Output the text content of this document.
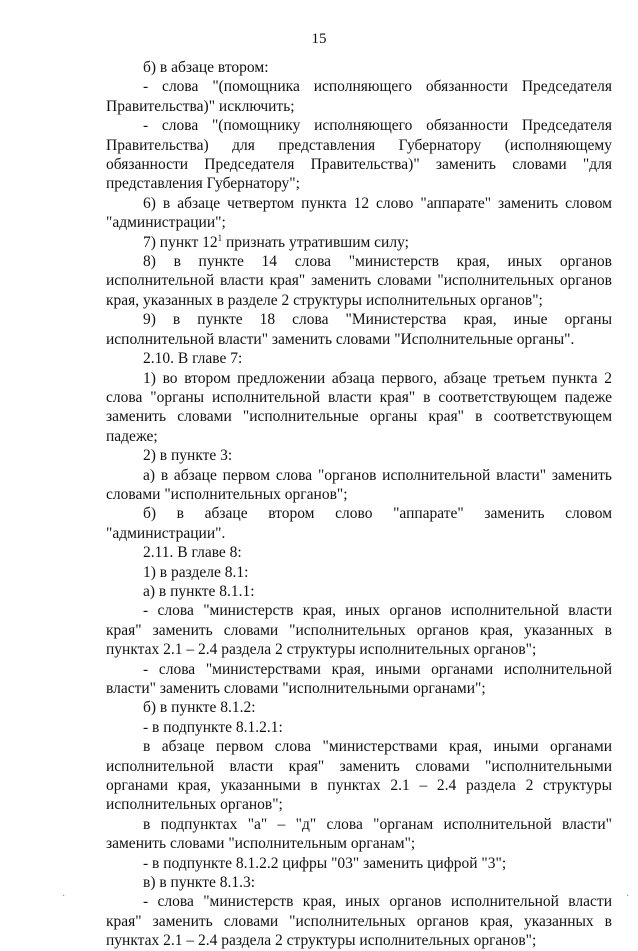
15

б) в абзаце втором:

- слова "(помощника исполняющего обязанности Председателя Правительства)" исключить;

- слова "(помощнику исполняющего обязанности Председателя Правительства) для представления Губернатору (исполняющему обязанности Председателя Правительства)" заменить словами "для представления Губернатору";

6) в абзаце четвертом пункта 12 слово "аппарате" заменить словом "администрации";

7) пункт $12^1$ признать утратившим силу;

8) в пункте 14 слова "министерств края, иных органов исполнительной власти края" заменить словами "исполнительных органов края, указанных в разделе 2 структуры исполнительных органов";

9) в пункте 18 слова "Министерства края, иные органы исполнительной власти" заменить словами "Исполнительные органы".

2.10. В главе 7:

1) во втором предложении абзаца первого, абзаце третьем пункта 2 слова "органы исполнительной власти края" в соответствующем падеже заменить словами "исполнительные органы края" в соответствующем падеже;

2) в пункте 3:

а) в абзаце первом слова "органов исполнительной власти" заменить словами "исполнительных органов";

б) в абзаце втором слово "аппарате" заменить словом "администрации".

2.11. В главе 8:

1) в разделе 8.1:

а) в пункте 8.1.1:

- слова "министерств края, иных органов исполнительной власти края" заменить словами "исполнительных органов края, указанных в пунктах 2.1 – 2.4 раздела 2 структуры исполнительных органов";

- слова "министерствами края, иными органами исполнительной власти" заменить словами "исполнительными органами";

б) в пункте 8.1.2:

- в подпункте 8.1.2.1:

в абзаце первом слова "министерствами края, иными органами исполнительной власти края" заменить словами "исполнительными органами края, указанными в пунктах 2.1 – 2.4 раздела 2 структуры исполнительных органов";

в подпунктах "а" – "д" слова "органам исполнительной власти" заменить словами "исполнительным органам";

- в подпункте 8.1.2.2 цифры "03" заменить цифрой "3";

в) в пункте 8.1.3:

- слова "министерств края, иных органов исполнительной власти края" заменить словами "исполнительных органов края, указанных в пунктах 2.1 – 2.4 раздела 2 структуры исполнительных органов";

·	·
